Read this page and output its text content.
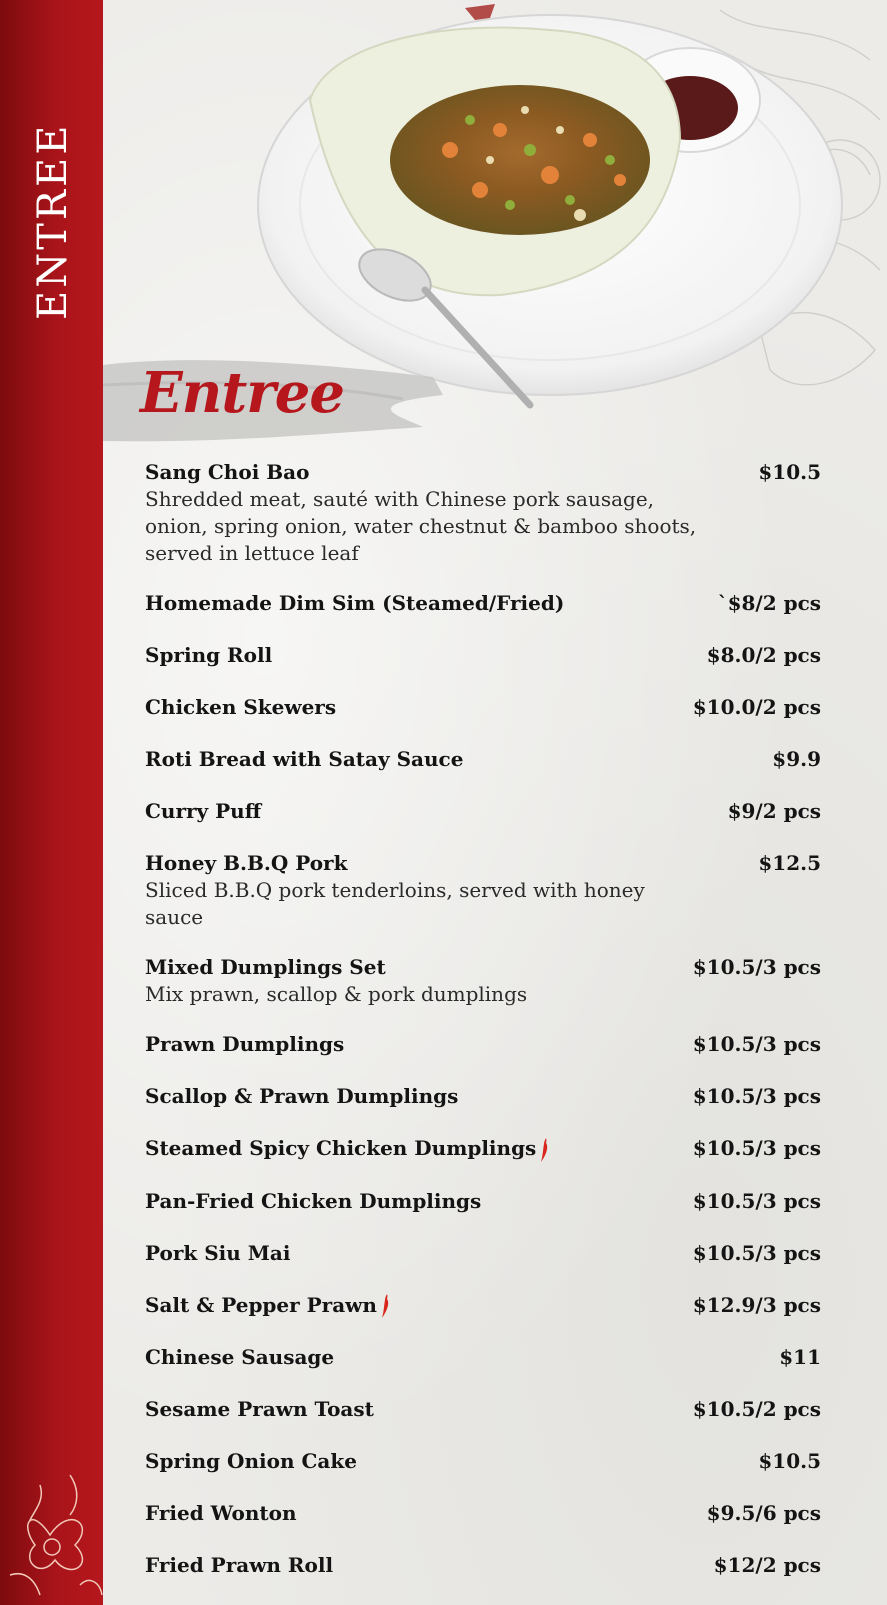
ENTREE
Entree
Sang Choi Bao	$10.5
Shredded meat, sauté with Chinese pork sausage, onion, spring onion, water chestnut & bamboo shoots, served in lettuce leaf
Homemade Dim Sim (Steamed/Fried)	`$8/2 pcs
Spring Roll	$8.0/2 pcs
Chicken Skewers	$10.0/2 pcs
Roti Bread with Satay Sauce	$9.9
Curry Puff	$9/2 pcs
Honey B.B.Q Pork	$12.5
Sliced B.B.Q pork tenderloins, served with honey sauce
Mixed Dumplings Set	$10.5/3 pcs
Mix prawn, scallop & pork dumplings
Prawn Dumplings	$10.5/3 pcs
Scallop & Prawn Dumplings	$10.5/3 pcs
Steamed Spicy Chicken Dumplings	$10.5/3 pcs
Pan-Fried Chicken Dumplings	$10.5/3 pcs
Pork Siu Mai	$10.5/3 pcs
Salt & Pepper Prawn	$12.9/3 pcs
Chinese Sausage	$11
Sesame Prawn Toast	$10.5/2 pcs
Spring Onion Cake	$10.5
Fried Wonton	$9.5/6 pcs
Fried Prawn Roll	$12/2 pcs
